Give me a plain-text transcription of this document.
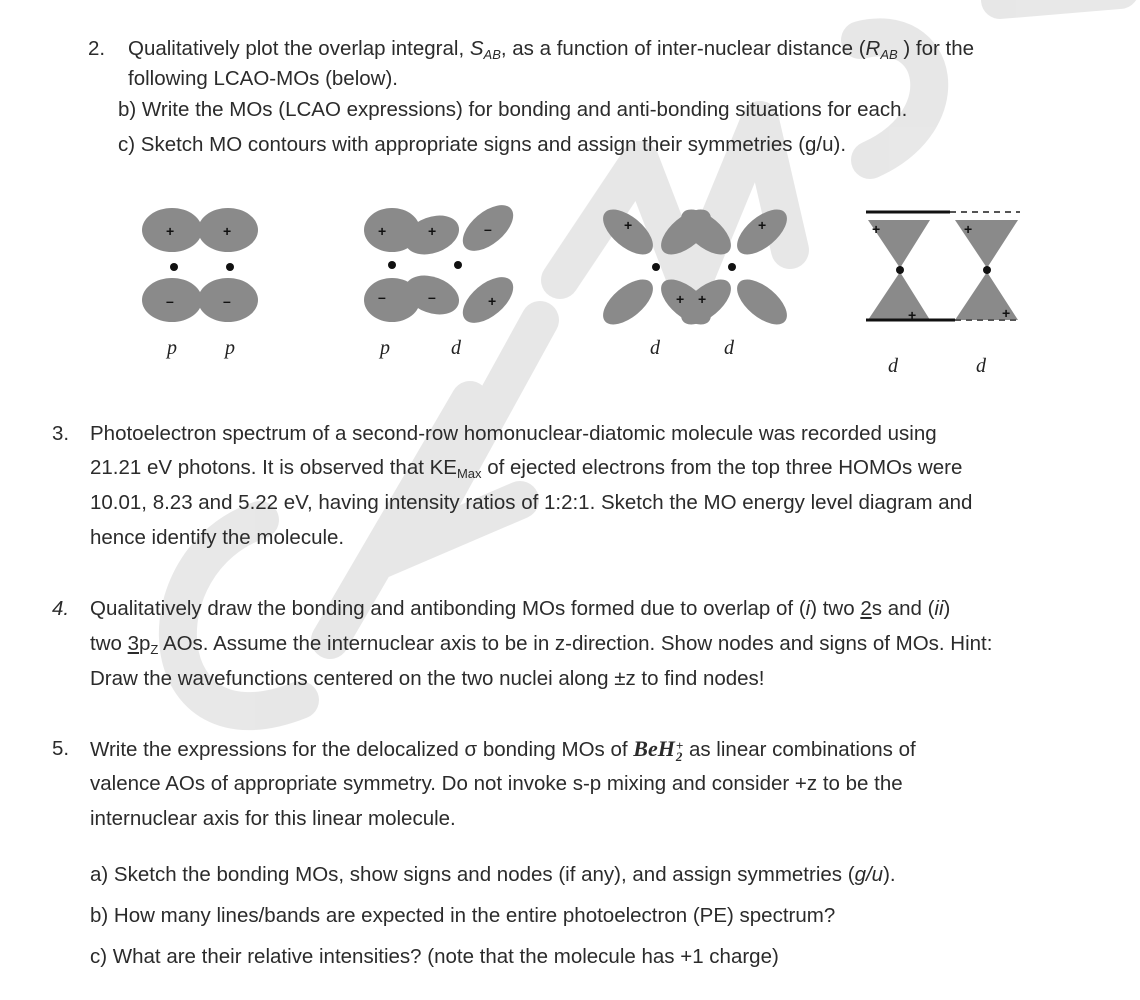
2. Qualitatively plot the overlap integral, SAB, as a function of inter-nuclear distance (RAB ) for the
following LCAO-MOs (below).
b) Write the MOs (LCAO expressions) for bonding and anti-bonding situations for each.
c) Sketch MO contours with appropriate signs and assign their symmetries (g/u).
+	+
–	–
p p
+	+	–
–	–	+
p	d
+	+
+ +
d	d
+	+
+	+
d	d
3. Photoelectron spectrum of a second-row homonuclear-diatomic molecule was recorded using
21.21 eV photons. It is observed that KEMax of ejected electrons from the top three HOMOs were
10.01, 8.23 and 5.22 eV, having intensity ratios of 1:2:1. Sketch the MO energy level diagram and
hence identify the molecule.
4. Qualitatively draw the bonding and antibonding MOs formed due to overlap of (i) two 2s and (ii)
two 3pZ AOs. Assume the internuclear axis to be in z-direction. Show nodes and signs of MOs. Hint:
Draw the wavefunctions centered on the two nuclei along ±z to find nodes!
5. Write the expressions for the delocalized σ bonding MOs of BeH +
2 as linear combinations of
valence AOs of appropriate symmetry. Do not invoke s-p mixing and consider +z to be the
internuclear axis for this linear molecule.
a) Sketch the bonding MOs, show signs and nodes (if any), and assign symmetries (g/u).
b) How many lines/bands are expected in the entire photoelectron (PE) spectrum?
c) What are their relative intensities? (note that the molecule has +1 charge)
